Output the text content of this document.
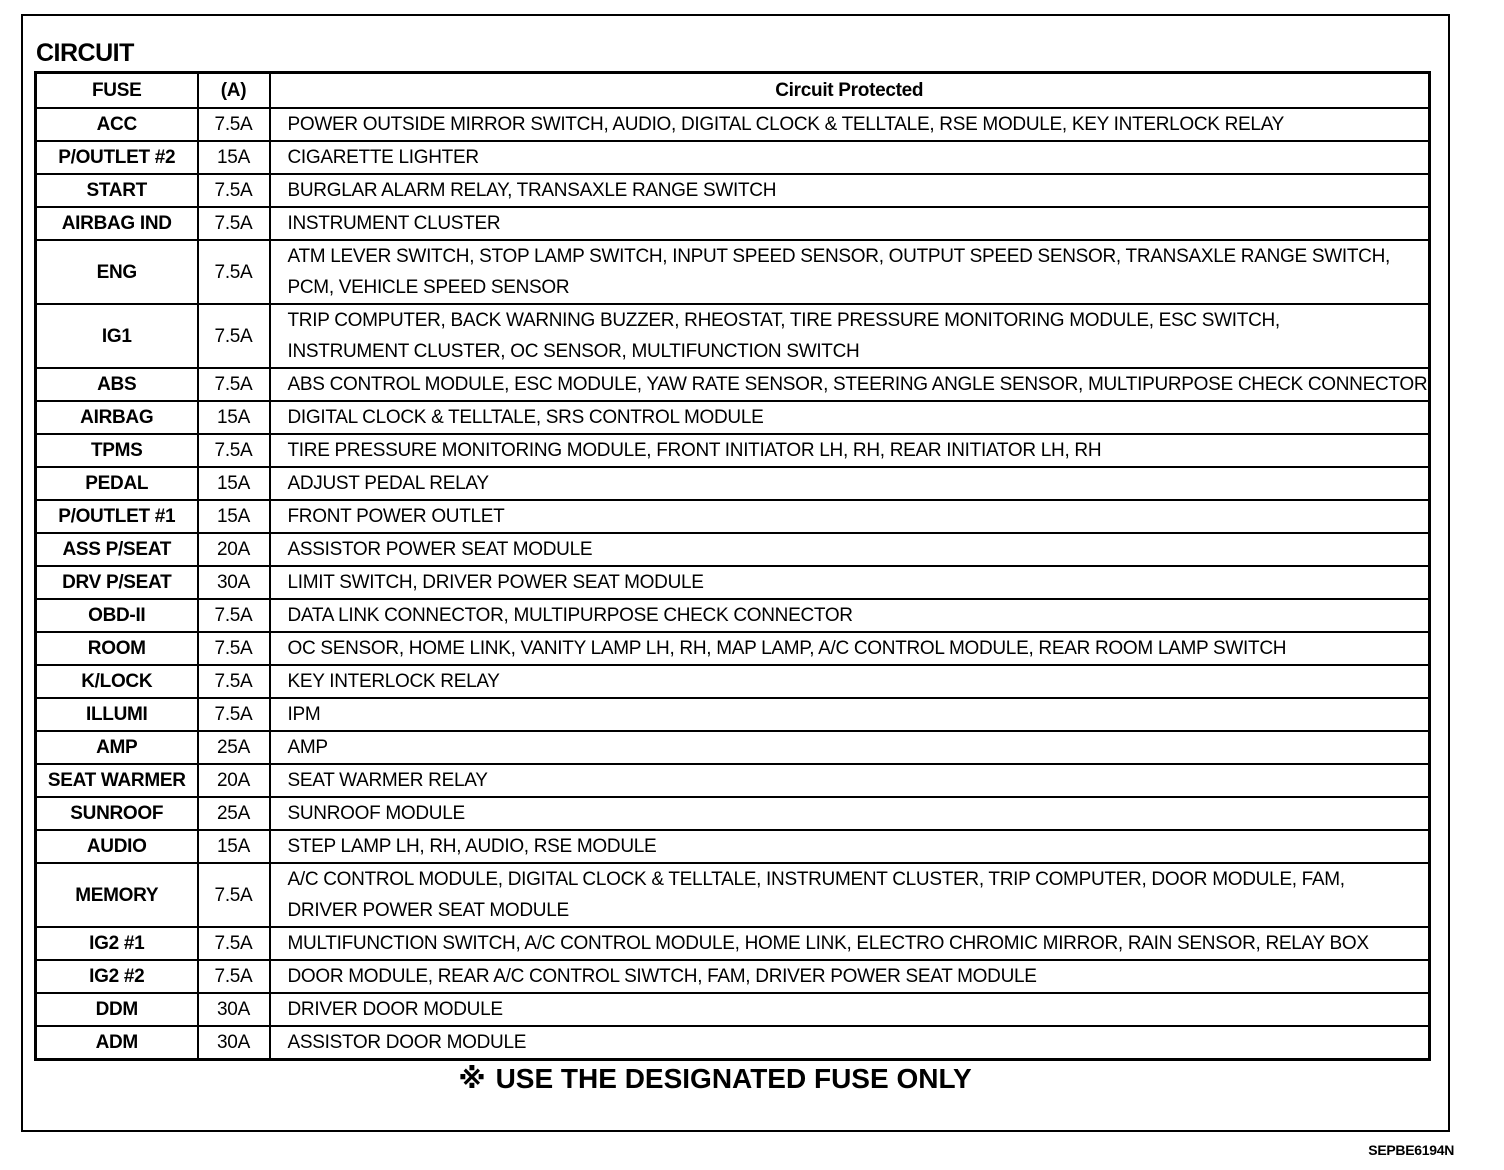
CIRCUIT
FUSE	(A)	Circuit Protected
ACC	7.5A	POWER OUTSIDE MIRROR SWITCH, AUDIO, DIGITAL CLOCK & TELLTALE, RSE MODULE, KEY INTERLOCK RELAY

P/OUTLET #2	15A	CIGARETTE LIGHTER

START	7.5A	BURGLAR ALARM RELAY, TRANSAXLE RANGE SWITCH

AIRBAG IND	7.5A	INSTRUMENT CLUSTER

ENG	7.5A	ATM LEVER SWITCH, STOP LAMP SWITCH, INPUT SPEED SENSOR, OUTPUT SPEED SENSOR, TRANSAXLE RANGE SWITCH,
PCM, VEHICLE SPEED SENSOR

IG1	7.5A	TRIP COMPUTER, BACK WARNING BUZZER, RHEOSTAT, TIRE PRESSURE MONITORING MODULE, ESC SWITCH,
INSTRUMENT CLUSTER, OC SENSOR, MULTIFUNCTION SWITCH

ABS	7.5A	ABS CONTROL MODULE, ESC MODULE, YAW RATE SENSOR, STEERING ANGLE SENSOR, MULTIPURPOSE CHECK CONNECTOR

AIRBAG	15A	DIGITAL CLOCK & TELLTALE, SRS CONTROL MODULE

TPMS	7.5A	TIRE PRESSURE MONITORING MODULE, FRONT INITIATOR LH, RH, REAR INITIATOR LH, RH

PEDAL	15A	ADJUST PEDAL RELAY

P/OUTLET #1	15A	FRONT POWER OUTLET

ASS P/SEAT	20A	ASSISTOR POWER SEAT MODULE

DRV P/SEAT	30A	LIMIT SWITCH, DRIVER POWER SEAT MODULE

OBD-II	7.5A	DATA LINK CONNECTOR, MULTIPURPOSE CHECK CONNECTOR

ROOM	7.5A	OC SENSOR, HOME LINK, VANITY LAMP LH, RH, MAP LAMP, A/C CONTROL MODULE, REAR ROOM LAMP SWITCH

K/LOCK	7.5A	KEY INTERLOCK RELAY

ILLUMI	7.5A	IPM

AMP	25A	AMP

SEAT WARMER	20A	SEAT WARMER RELAY

SUNROOF	25A	SUNROOF MODULE

AUDIO	15A	STEP LAMP LH, RH, AUDIO, RSE MODULE

MEMORY	7.5A	A/C CONTROL MODULE, DIGITAL CLOCK & TELLTALE, INSTRUMENT CLUSTER, TRIP COMPUTER, DOOR MODULE, FAM,
DRIVER POWER SEAT MODULE

IG2 #1	7.5A	MULTIFUNCTION SWITCH, A/C CONTROL MODULE, HOME LINK, ELECTRO CHROMIC MIRROR, RAIN SENSOR, RELAY BOX

IG2 #2	7.5A	DOOR MODULE, REAR A/C CONTROL SIWTCH, FAM, DRIVER POWER SEAT MODULE

DDM	30A	DRIVER DOOR MODULE

ADM	30A	ASSISTOR DOOR MODULE
※ USE THE DESIGNATED FUSE ONLY
SEPBE6194N
